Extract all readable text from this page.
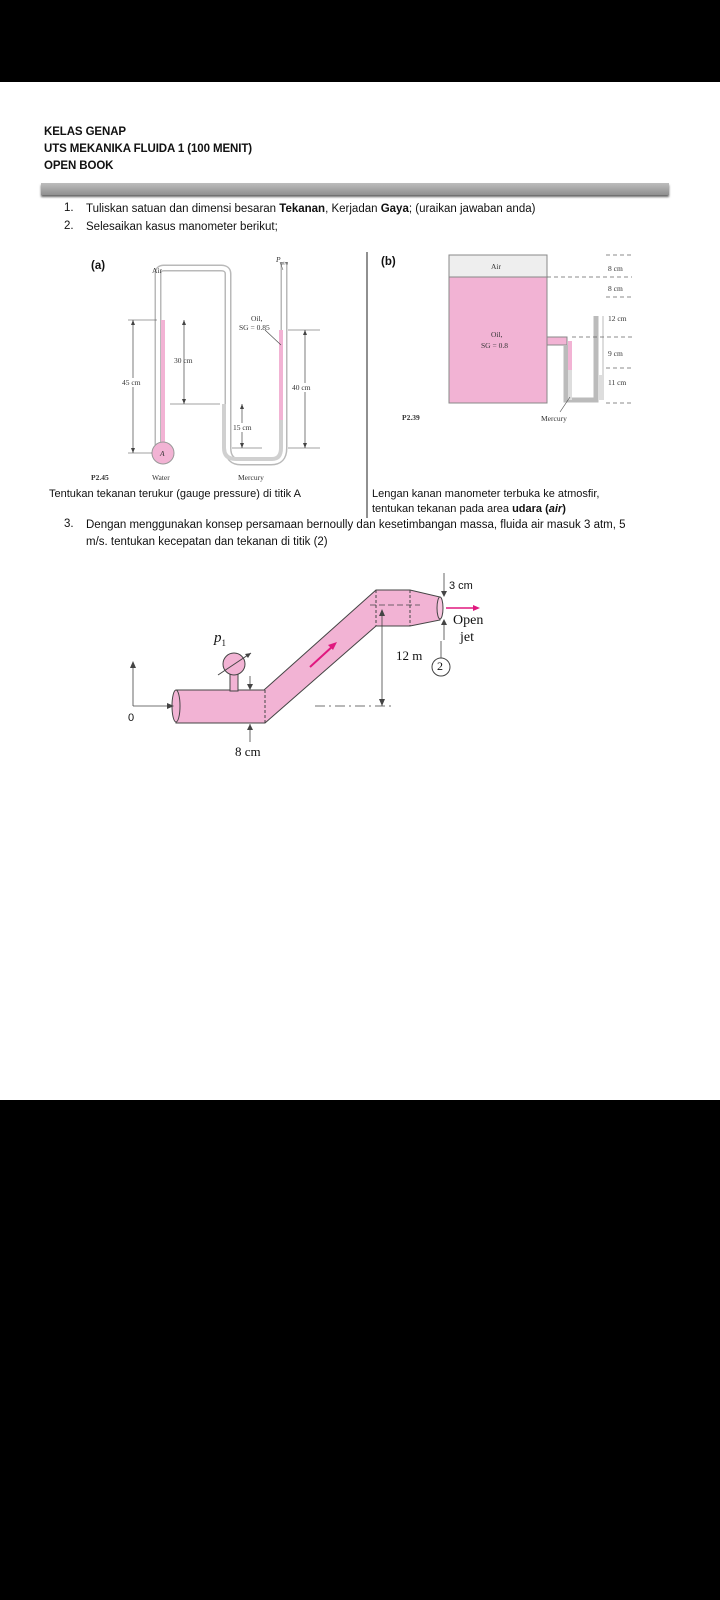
KELAS GENAP
UTS MEKANIKA FLUIDA 1 (100 MENIT)
OPEN BOOK
1. Tuliskan satuan dan dimensi besaran Tekanan, Kerjadan Gaya; (uraikan jawaban anda)
2. Selesaikan kasus manometer berikut;
(a)	Air
$P_{atm}$
Oil,
SG = 0.85
30 cm
45 cm
40 cm
15 cm
A
P2.45	Water	Mercury
Tentukan tekanan terukur (gauge pressure) di titik A
(b)	Air
Oil,
SG = 0.8
8 cm
8 cm
12 cm
9 cm
11 cm
P2.39	Mercury
Lengan kanan manometer terbuka ke atmosfir,
tentukan tekanan pada area udara (air)
3. Dengan menggunakan konsep persamaan bernoully dan kesetimbangan massa, fluida air masuk 3 atm, 5
m/s. tentukan kecepatan dan tekanan di titik (2)
3 cm
Open
jet
$p_1$
12 m
2
0
8 cm
